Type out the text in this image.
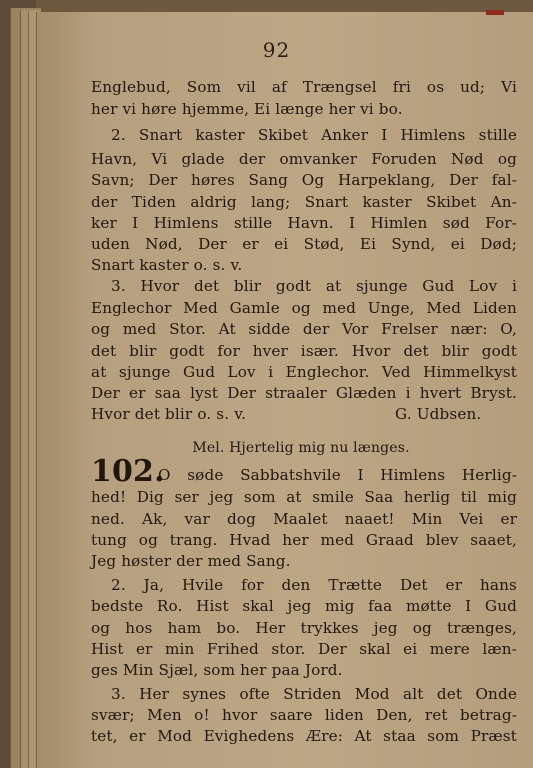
92
Englebud, Som vil af Trængsel fri os ud; Vi
her vi høre hjemme, Ei længe her vi bo.
2. Snart kaster Skibet Anker I Himlens stille
Havn, Vi glade der omvanker Foruden Nød og
Savn; Der høres Sang Og Harpeklang, Der fal-
der Tiden aldrig lang; Snart kaster Skibet An-
ker I Himlens stille Havn. I Himlen sød For-
uden Nød, Der er ei Stød, Ei Synd, ei Død;
Snart kaster o. s. v.
3. Hvor det blir godt at sjunge Gud Lov i
Englechor Med Gamle og med Unge, Med Liden
og med Stor. At sidde der Vor Frelser nær: O,
det blir godt for hver især. Hvor det blir godt
at sjunge Gud Lov i Englechor. Ved Himmelkyst
Der er saa lyst Der straaler Glæden i hvert Bryst.
Hvor det blir o. s. v.	G. Udbsen.
Mel. Hjertelig mig nu længes.
102.
O søde Sabbatshvile I Himlens Herlig-
hed! Dig ser jeg som at smile Saa herlig til mig
ned. Ak, var dog Maalet naaet! Min Vei er
tung og trang. Hvad her med Graad blev saaet,
Jeg høster der med Sang.
2. Ja, Hvile for den Trætte Det er hans
bedste Ro. Hist skal jeg mig faa møtte I Gud
og hos ham bo. Her trykkes jeg og trænges,
Hist er min Frihed stor. Der skal ei mere læn-
ges Min Sjæl, som her paa Jord.
3. Her synes ofte Striden Mod alt det Onde
svær; Men o! hvor saare liden Den, ret betrag-
tet, er Mod Evighedens Ære: At staa som Præst
